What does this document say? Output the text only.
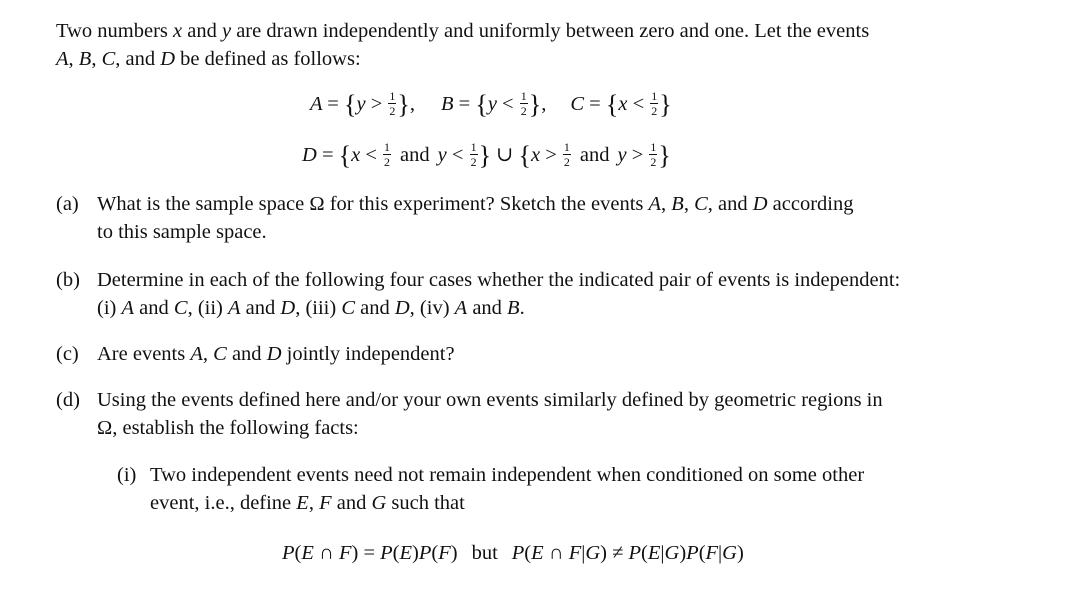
Two numbers x and y are drawn independently and uniformly between zero and one. Let the events
A, B, C, and D be defined as follows:
$A = \{y > \frac{1}{2}$ }, $B = \{y < \frac{1}{2}$ }, $C = \{x < \frac{1}{2}$ }
$D = \{x < \frac{1}{2}$ and $y < \frac{1}{2}$ } ∪ {$x > \frac{1}{2}$ and $y > \frac{1}{2}$ }
(a) What is the sample space Ω for this experiment? Sketch the events A, B, C, and D according
to this sample space.
(b) Determine in each of the following four cases whether the indicated pair of events is independent:
(i) A and C, (ii) A and D, (iii) C and D, (iv) A and B.
(c) Are events A, C and D jointly independent?
(d) Using the events defined here and/or your own events similarly defined by geometric regions in
Ω, establish the following facts:
(i) Two independent events need not remain independent when conditioned on some other
event, i.e., define E, F and G such that
P(E ∩ F) = P(E)P(F) but P(E ∩ F|G) ≠ P(E|G)P(F|G)
